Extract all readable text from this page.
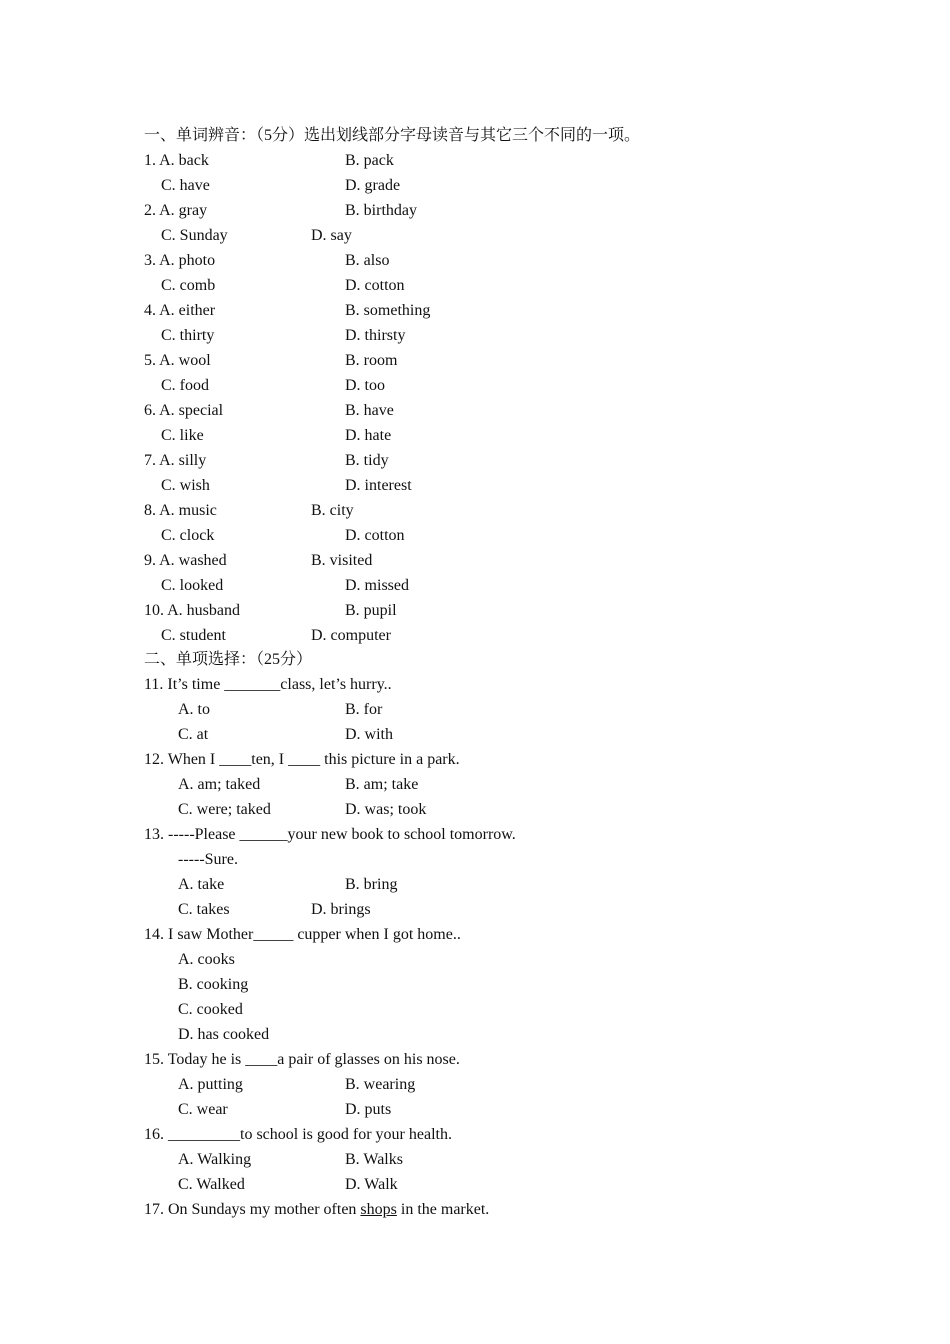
一、单词辨音：（5分）选出划线部分字母读音与其它三个不同的一项。
1. A. back	B. pack
C. have	D. grade
2. A. gray	B. birthday
C. Sunday	D. say
3. A. photo	B. also
C. comb	D. cotton
4. A. either	B. something
C. thirty	D. thirsty
5. A. wool	B. room
C. food	D. too
6. A. special	B. have
C. like	D. hate
7. A. silly	B. tidy
C. wish	D. interest
8. A. music	B. city
C. clock	D. cotton
9. A. washed	B. visited
C. looked	D. missed
10. A. husband	B. pupil
C. student	D. computer
二、单项选择：（25分）
11. It’s time _______class, let’s hurry..
A. to	B. for
C. at	D. with
12. When I ____ten, I ____ this picture in a park.
A. am; taked	B. am; take
C. were; taked	D. was; took
13. -----Please ______your new book to school tomorrow.
-----Sure.
A. take	B. bring
C. takes	D. brings
14. I saw Mother_____ cupper when I got home..
A. cooks
B. cooking
C. cooked
D. has cooked
15. Today he is ____a pair of glasses on his nose.
A. putting	B. wearing
C. wear	D. puts
16. _________to school is good for your health.
A. Walking	B. Walks
C. Walked	D. Walk
17. On Sundays my mother often shops in the market.
